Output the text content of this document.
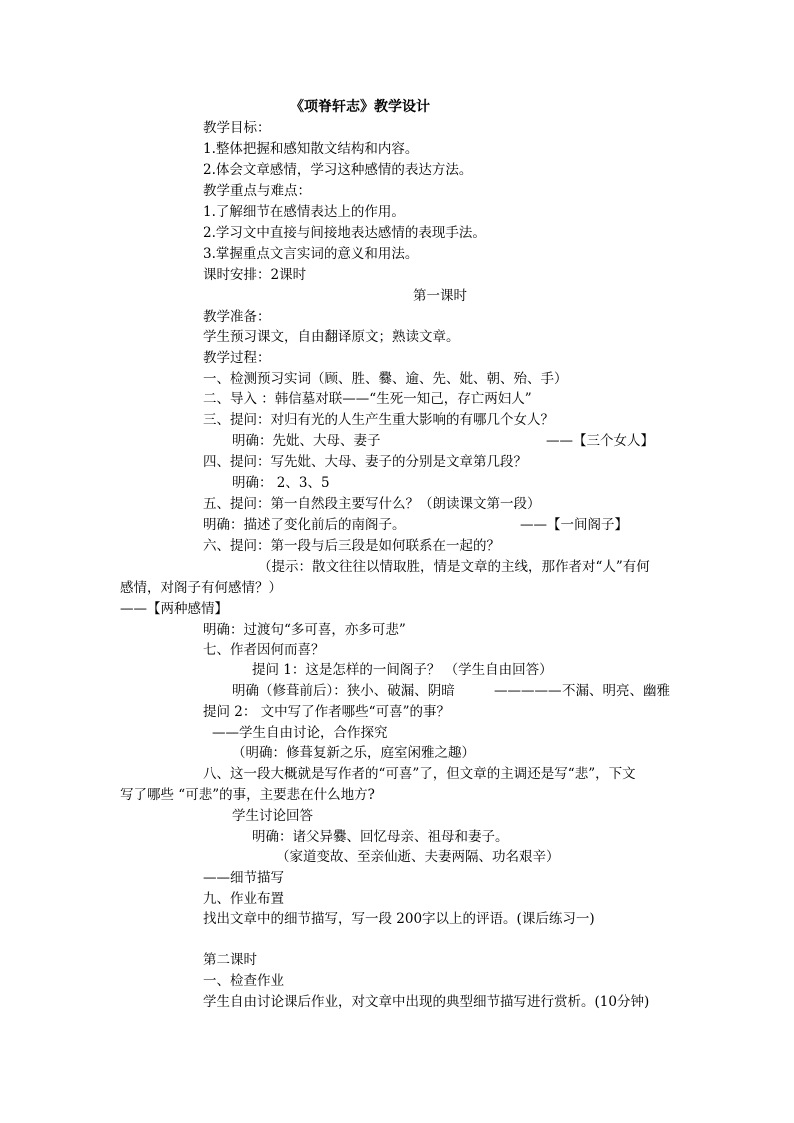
《项脊轩志》教学设计
教学目标：
1.整体把握和感知散文结构和内容。
2.体会文章感情，学习这种感情的表达方法。
教学重点与难点：
1.了解细节在感情表达上的作用。
2.学习文中直接与间接地表达感情的表现手法。
3.掌握重点文言实词的意义和用法。
课时安排：2课时
第一课时
教学准备：
学生预习课文，自由翻译原文；熟读文章。
教学过程：
一、检测预习实词（顾、胜、爨、逾、先、妣、朝、殆、手）
二、导入 ：韩信墓对联——“生死一知己，存亡两妇人”
三、提问：对归有光的人生产生重大影响的有哪几个女人？
明确：先妣、大母、妻子	——【三个女人】
四、提问：写先妣、大母、妻子的分别是文章第几段？
明确： 2、3、5
五、提问：第一自然段主要写什么？（朗读课文第一段）
明确：描述了变化前后的南阁子。	——【一间阁子】
六、提问：第一段与后三段是如何联系在一起的？
（提示：散文往往以情取胜，情是文章的主线，那作者对“人”有何
感情，对阁子有何感情？）
——【两种感情】
明确：过渡句“多可喜，亦多可悲”
七、作者因何而喜？
提问 1：这是怎样的一间阁子？ （学生自由回答）
明确（修葺前后）：狭小、破漏、阴暗	————— 不漏、明亮、幽雅
提问 2： 文中写了作者哪些“可喜”的事？
——学生自由讨论，合作探究
（明确：修葺复新之乐，庭室闲雅之趣）
八、这一段大概就是写作者的“可喜”了，但文章的主调还是写“悲”，下文
写了哪些 “可悲”的事，主要悲在什么地方?
学生讨论回答
明确：诸父异爨、回忆母亲、祖母和妻子。
（家道变故、至亲仙逝、夫妻两隔、功名艰辛）
——细节描写
九、作业布置
找出文章中的细节描写，写一段 200字以上的评语。(课后练习一)
第二课时
一、检查作业
学生自由讨论课后作业，对文章中出现的典型细节描写进行赏析。(10分钟)
